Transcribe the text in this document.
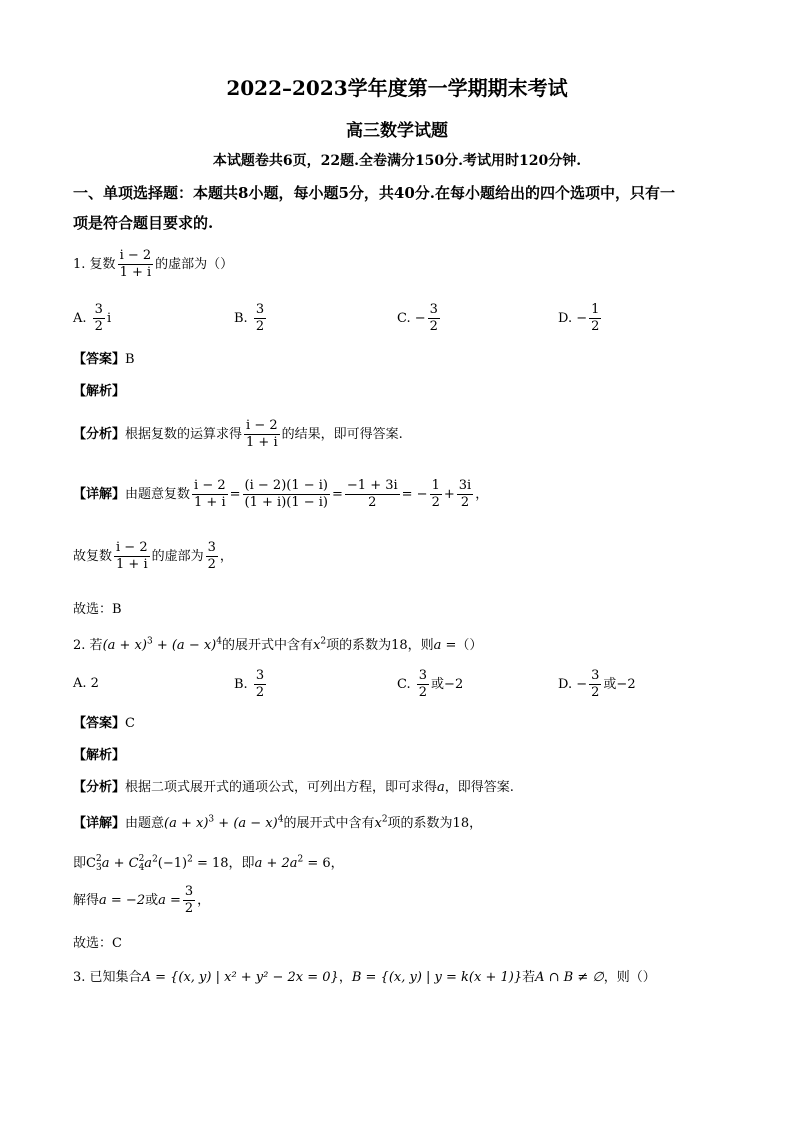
2022–2023学年度第一学期期末考试
高三数学试题
本试题卷共6页，22题.全卷满分150分.考试用时120分钟.
一、单项选择题：本题共8小题，每小题5分，共40分.在每小题给出的四个选项中，只有一
项是符合题目要求的.
1. 复数 $\frac{i - 2}{1 + i}$ 的虚部为（）
A. $\frac{3}{2}$ i	B. $\frac{3}{2}$	C. − $\frac{3}{2}$	D. − $\frac{1}{2}$
【答案】B
【解析】
【分析】根据复数的运算求得 $\frac{i - 2}{1 + i}$ 的结果，即可得答案.
【详解】由题意复数 $\frac{i - 2}{1 + i} = \frac{(i - 2)(1 - i)}{(1 + i)(1 - i)} = \frac{-1 + 3i}{2}$ = − $\frac{1}{2} + \frac{3i}{2}$ ，
故复数 $\frac{i - 2}{1 + i}$ 的虚部为 $\frac{3}{2}$ ，
故选：B
2. 若$(a + x)^3 + (a - x)^4$的展开式中含有$x^2$项的系数为18，则a =（）
A. 2	B. $\frac{3}{2}$	C. $\frac{3}{2}$ 或−2	D. − $\frac{3}{2}$ 或−2
【答案】C
【解析】
【分析】根据二项式展开式的通项公式，可列出方程，即可求得a，即得答案.
【详解】由题意$(a + x)^3 + (a - x)^4$的展开式中含有$x^2$项的系数为18，
即C 2
3 a + C 2
4 $a^2(-1)^2 = 18$，即$a + 2a^2 = 6$，
解得a = −2或$a = \frac{3}{2}$ ，
故选：C
3. 已知集合A = {(x, y) | x² + y² − 2x = 0}，B = {(x, y) | y = k(x + 1)}若A ∩ B ≠ ∅，则（）
